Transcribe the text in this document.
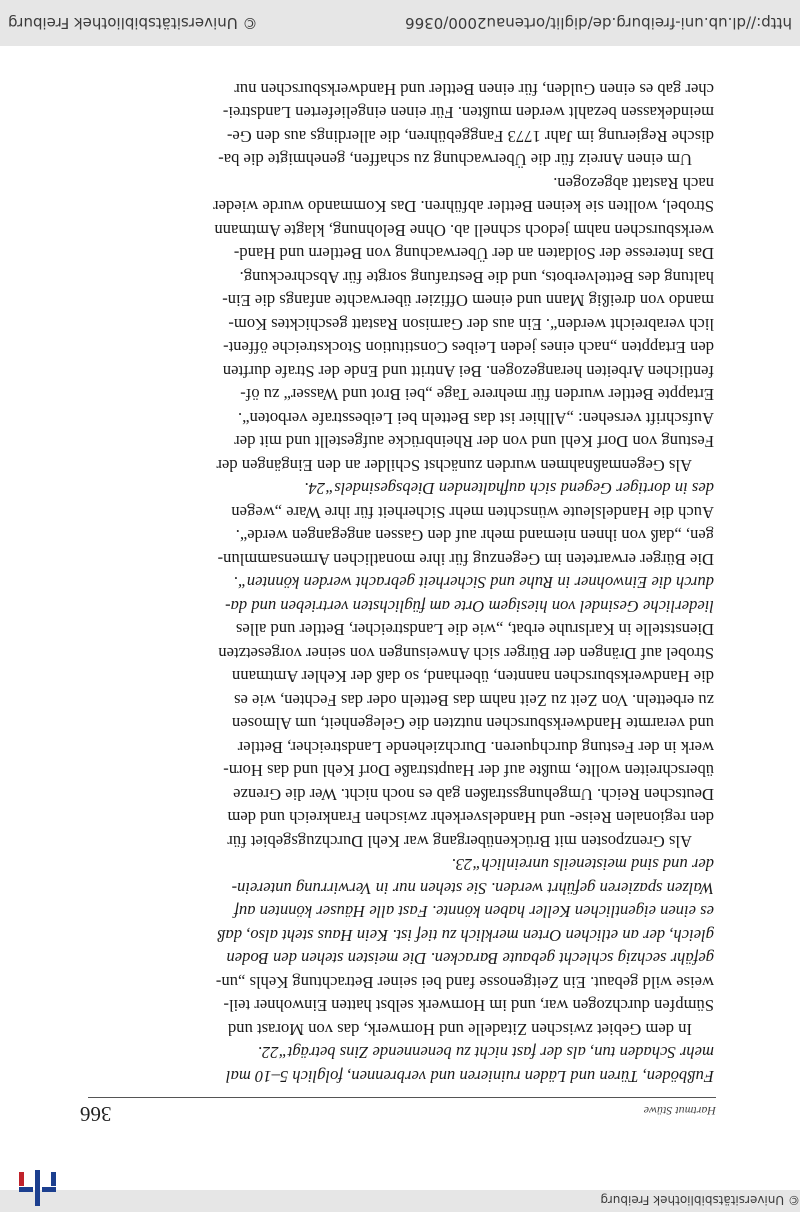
© Universitätsbibliothek Freiburg
Hartmut Stüwe
366

Fußböden, Türen und Läden ruinieren und verbrennen, folglich 5–10 mal

mehr Schaden tun, als der fast nicht zu benennende Zins beträgt“22.

In dem Gebiet zwischen Zitadelle und Hornwerk, das von Morast und

Sümpfen durchzogen war, und im Hornwerk selbst hatten Einwohner teil-

weise wild gebaut. Ein Zeitgenosse fand bei seiner Betrachtung Kehls „un-

gefähr sechzig schlecht gebaute Baracken. Die meisten stehen den Boden

gleich, der an etlichen Orten merklich zu tief ist. Kein Haus steht also, daß

es einen eigentlichen Keller haben könnte. Fast alle Häuser könnten auf

Walzen spazieren geführt werden. Sie stehen nur in Verwirrung unterein-

der und sind meisteneils unreinlich“23.

Als Grenzposten mit Brückenübergang war Kehl Durchzugsgebiet für

den regionalen Reise- und Handelsverkehr zwischen Frankreich und dem

Deutschen Reich. Umgehungsstraßen gab es noch nicht. Wer die Grenze

überschreiten wollte, mußte auf der Hauptstraße Dorf Kehl und das Horn-

werk in der Festung durchqueren. Durchziehende Landstreicher, Bettler

und verarmte Handwerksburschen nutzten die Gelegenheit, um Almosen

zu erbetteln. Von Zeit zu Zeit nahm das Betteln oder das Fechten, wie es

die Handwerksburschen nannten, überhand, so daß der Kehler Amtmann

Strobel auf Drängen der Bürger sich Anweisungen von seiner vorgesetzten

Dienststelle in Karlsruhe erbat, „wie die Landstreicher, Bettler und alles

liederliche Gesindel von hiesigem Orte am füglichsten vertrieben und da-

durch die Einwohner in Ruhe und Sicherheit gebracht werden könnten“.

Die Bürger erwarteten im Gegenzug für ihre monatlichen Armensammlun-

gen, „daß von ihnen niemand mehr auf den Gassen angegangen werde“.

Auch die Handelsleute wünschten mehr Sicherheit für ihre Ware „wegen

des in dortiger Gegend sich aufhaltenden Diebsgesindels“24.

Als Gegenmaßnahmen wurden zunächst Schilder an den Eingängen der

Festung von Dorf Kehl und von der Rheinbrücke aufgestellt und mit der

Aufschrift versehen: „Allhier ist das Betteln bei Leibesstrafe verboten“.

Ertappte Bettler wurden für mehrere Tage „bei Brot und Wasser“ zu öf-

fentlichen Arbeiten herangezogen. Bei Antritt und Ende der Strafe durften

den Ertappten „nach eines jeden Leibes Constitution Stockstreiche öffent-

lich verabreicht werden“. Ein aus der Garnison Rastatt geschicktes Kom-

mando von dreißig Mann und einem Offizier überwachte anfangs die Ein-

haltung des Bettelverbots, und die Bestrafung sorgte für Abschreckung.

Das Interesse der Soldaten an der Überwachung von Bettlern und Hand-

werksburschen nahm jedoch schnell ab. Ohne Belohnung, klagte Amtmann

Strobel, wollten sie keinen Bettler abführen. Das Kommando wurde wieder

nach Rastatt abgezogen.

Um einen Anreiz für die Überwachung zu schaffen, genehmigte die ba-

dische Regierung im Jahr 1773 Fanggebühren, die allerdings aus den Ge-

meindekassen bezahlt werden mußten. Für einen eingelieferten Landstrei-

cher gab es einen Gulden, für einen Bettler und Handwerksburschen nur

http://dl.ub.uni-freiburg.de/diglit/ortenau2000/0366
© Universitätsbibliothek Freiburg
